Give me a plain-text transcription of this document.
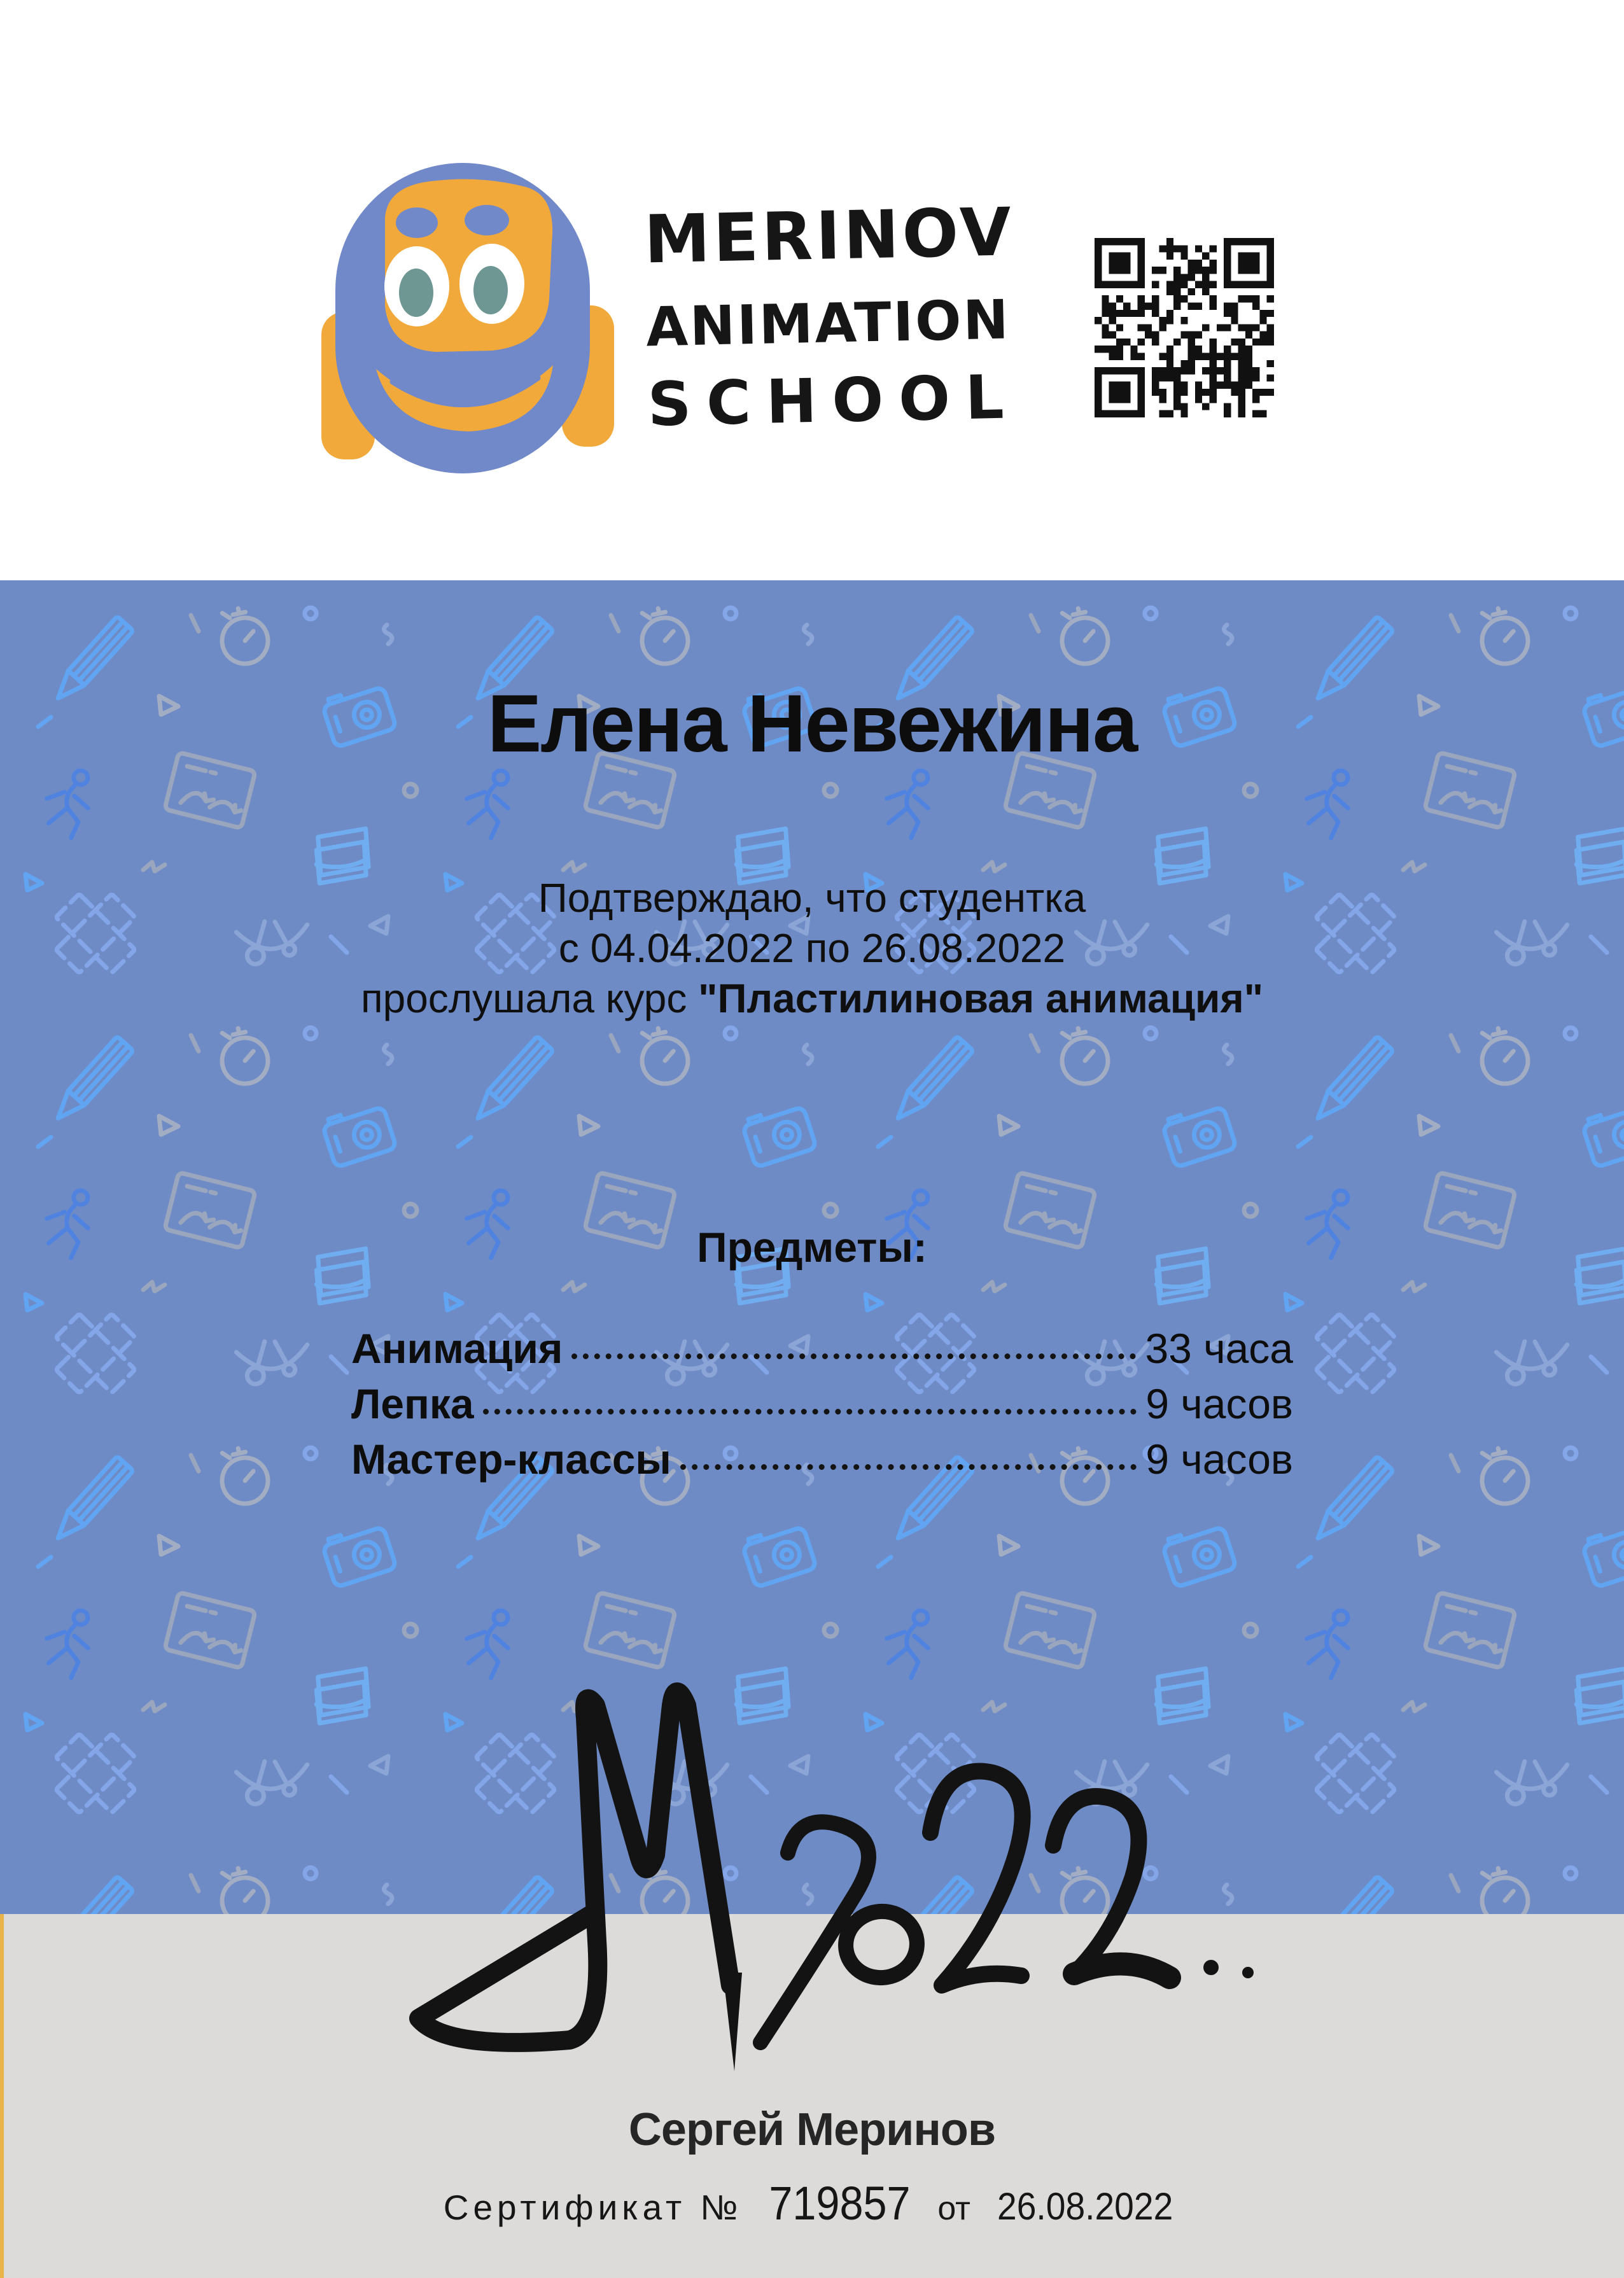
MERINOV
ANIMATION
SCHOOL
Елена Невежина
Подтверждаю, что студентка
с 04.04.2022 по 26.08.2022
прослушала курс "Пластилиновая анимация"
Предметы:
Анимация	33 часа
Лепка	9 часов
Мастер-классы	9 часов
Сергей Меринов
Сертификат № 719857 от 26.08.2022
